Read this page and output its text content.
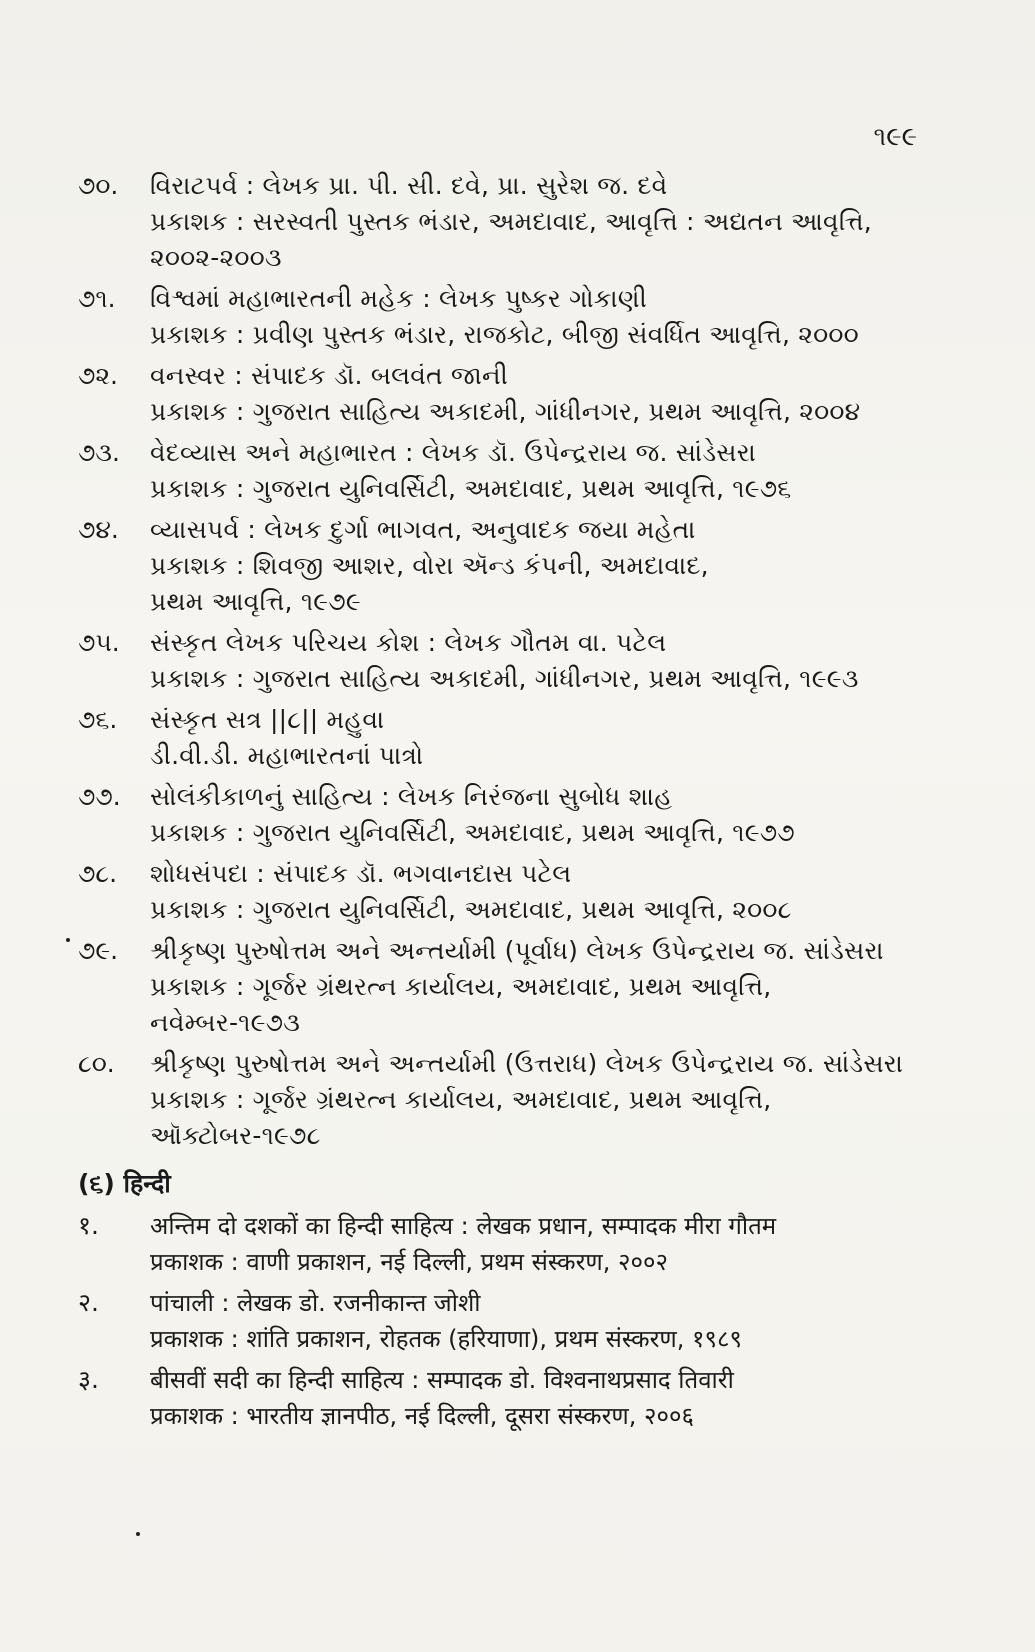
૧૯૯
૭૦.	વિરાટપર્વ : લેખક પ્રા. પી. સી. દવે, પ્રા. સુરેશ જ. દવે
પ્રકાશક : સરસ્વતી પુસ્તક ભંડાર, અમદાવાદ, આવૃત્તિ : અદ્યતન આવૃત્તિ,
૨૦૦૨-૨૦૦૩
૭૧.	વિશ્વમાં મહાભારતની મહેક : લેખક પુષ્કર ગોકાણી
પ્રકાશક : પ્રવીણ પુસ્તક ભંડાર, રાજકોટ, બીજી સંવર્ધિત આવૃત્તિ, ૨૦૦૦
૭૨.	વનસ્વર : સંપાદક ડૉ. બલવંત જાની
પ્રકાશક : ગુજરાત સાહિત્ય અકાદમી, ગાંધીનગર, પ્રથમ આવૃત્તિ, ૨૦૦૪
૭૩.	વેદવ્યાસ અને મહાભારત : લેખક ડૉ. ઉપેન્દ્રરાય જ. સાંડેસરા
પ્રકાશક : ગુજરાત યુનિવર્સિટી, અમદાવાદ, પ્રથમ આવૃત્તિ, ૧૯૭૬
૭૪.	વ્યાસપર્વ : લેખક દુર્ગા ભાગવત, અનુવાદક જયા મહેતા
પ્રકાશક : શિવજી આશર, વોરા ઍન્ડ કંપની, અમદાવાદ,
પ્રથમ આવૃત્તિ, ૧૯૭૯
૭૫.	સંસ્કૃત લેખક પરિચય કોશ : લેખક ગૌતમ વા. પટેલ
પ્રકાશક : ગુજરાત સાહિત્ય અકાદમી, ગાંધીનગર, પ્રથમ આવૃત્તિ, ૧૯૯૩
૭૬.	સંસ્કૃત સત્ર ||૮|| મહુવા
ડી.વી.ડી. મહાભારતનાં પાત્રો
૭૭.	સોલંકીકાળનું સાહિત્ય : લેખક નિરંજના સુબોધ શાહ
પ્રકાશક : ગુજરાત યુનિવર્સિટી, અમદાવાદ, પ્રથમ આવૃત્તિ, ૧૯૭૭
૭૮.	શોધસંપદા : સંપાદક ડૉ. ભગવાનદાસ પટેલ
પ્રકાશક : ગુજરાત યુનિવર્સિટી, અમદાવાદ, પ્રથમ આવૃત્તિ, ૨૦૦૮
૭૯.	શ્રીકૃષ્ણ પુરુષોત્તમ અને અન્તર્યામી (પૂર્વાધ) લેખક ઉપેન્દ્રરાય જ. સાંડેસરા
પ્રકાશક : ગૂર્જર ગ્રંથરત્ન કાર્યાલય, અમદાવાદ, પ્રથમ આવૃત્તિ,
નવેમ્બર-૧૯૭૩
૮૦.	શ્રીકૃષ્ણ પુરુષોત્તમ અને અન્તર્યામી (ઉત્તરાધ) લેખક ઉપેન્દ્રરાય જ. સાંડેસરા
પ્રકાશક : ગૂર્જર ગ્રંથરત્ન કાર્યાલય, અમદાવાદ, પ્રથમ આવૃત્તિ,
ઑક્ટોબર-૧૯૭૮
(૬) हिन्दी
१.	अन्तिम दो दशकों का हिन्दी साहित्य : लेखक प्रधान, सम्पादक मीरा गौतम
प्रकाशक : वाणी प्रकाशन, नई दिल्ली, प्रथम संस्करण, २००२
२.	पांचाली : लेखक डो. रजनीकान्त जोशी
प्रकाशक : शांति प्रकाशन, रोहतक (हरियाणा), प्रथम संस्करण, १९८९
३.	बीसवीं सदी का हिन्दी साहित्य : सम्पादक डो. विश्वनाथप्रसाद तिवारी
प्रकाशक : भारतीय ज्ञानपीठ, नई दिल्ली, दूसरा संस्करण, २००६
